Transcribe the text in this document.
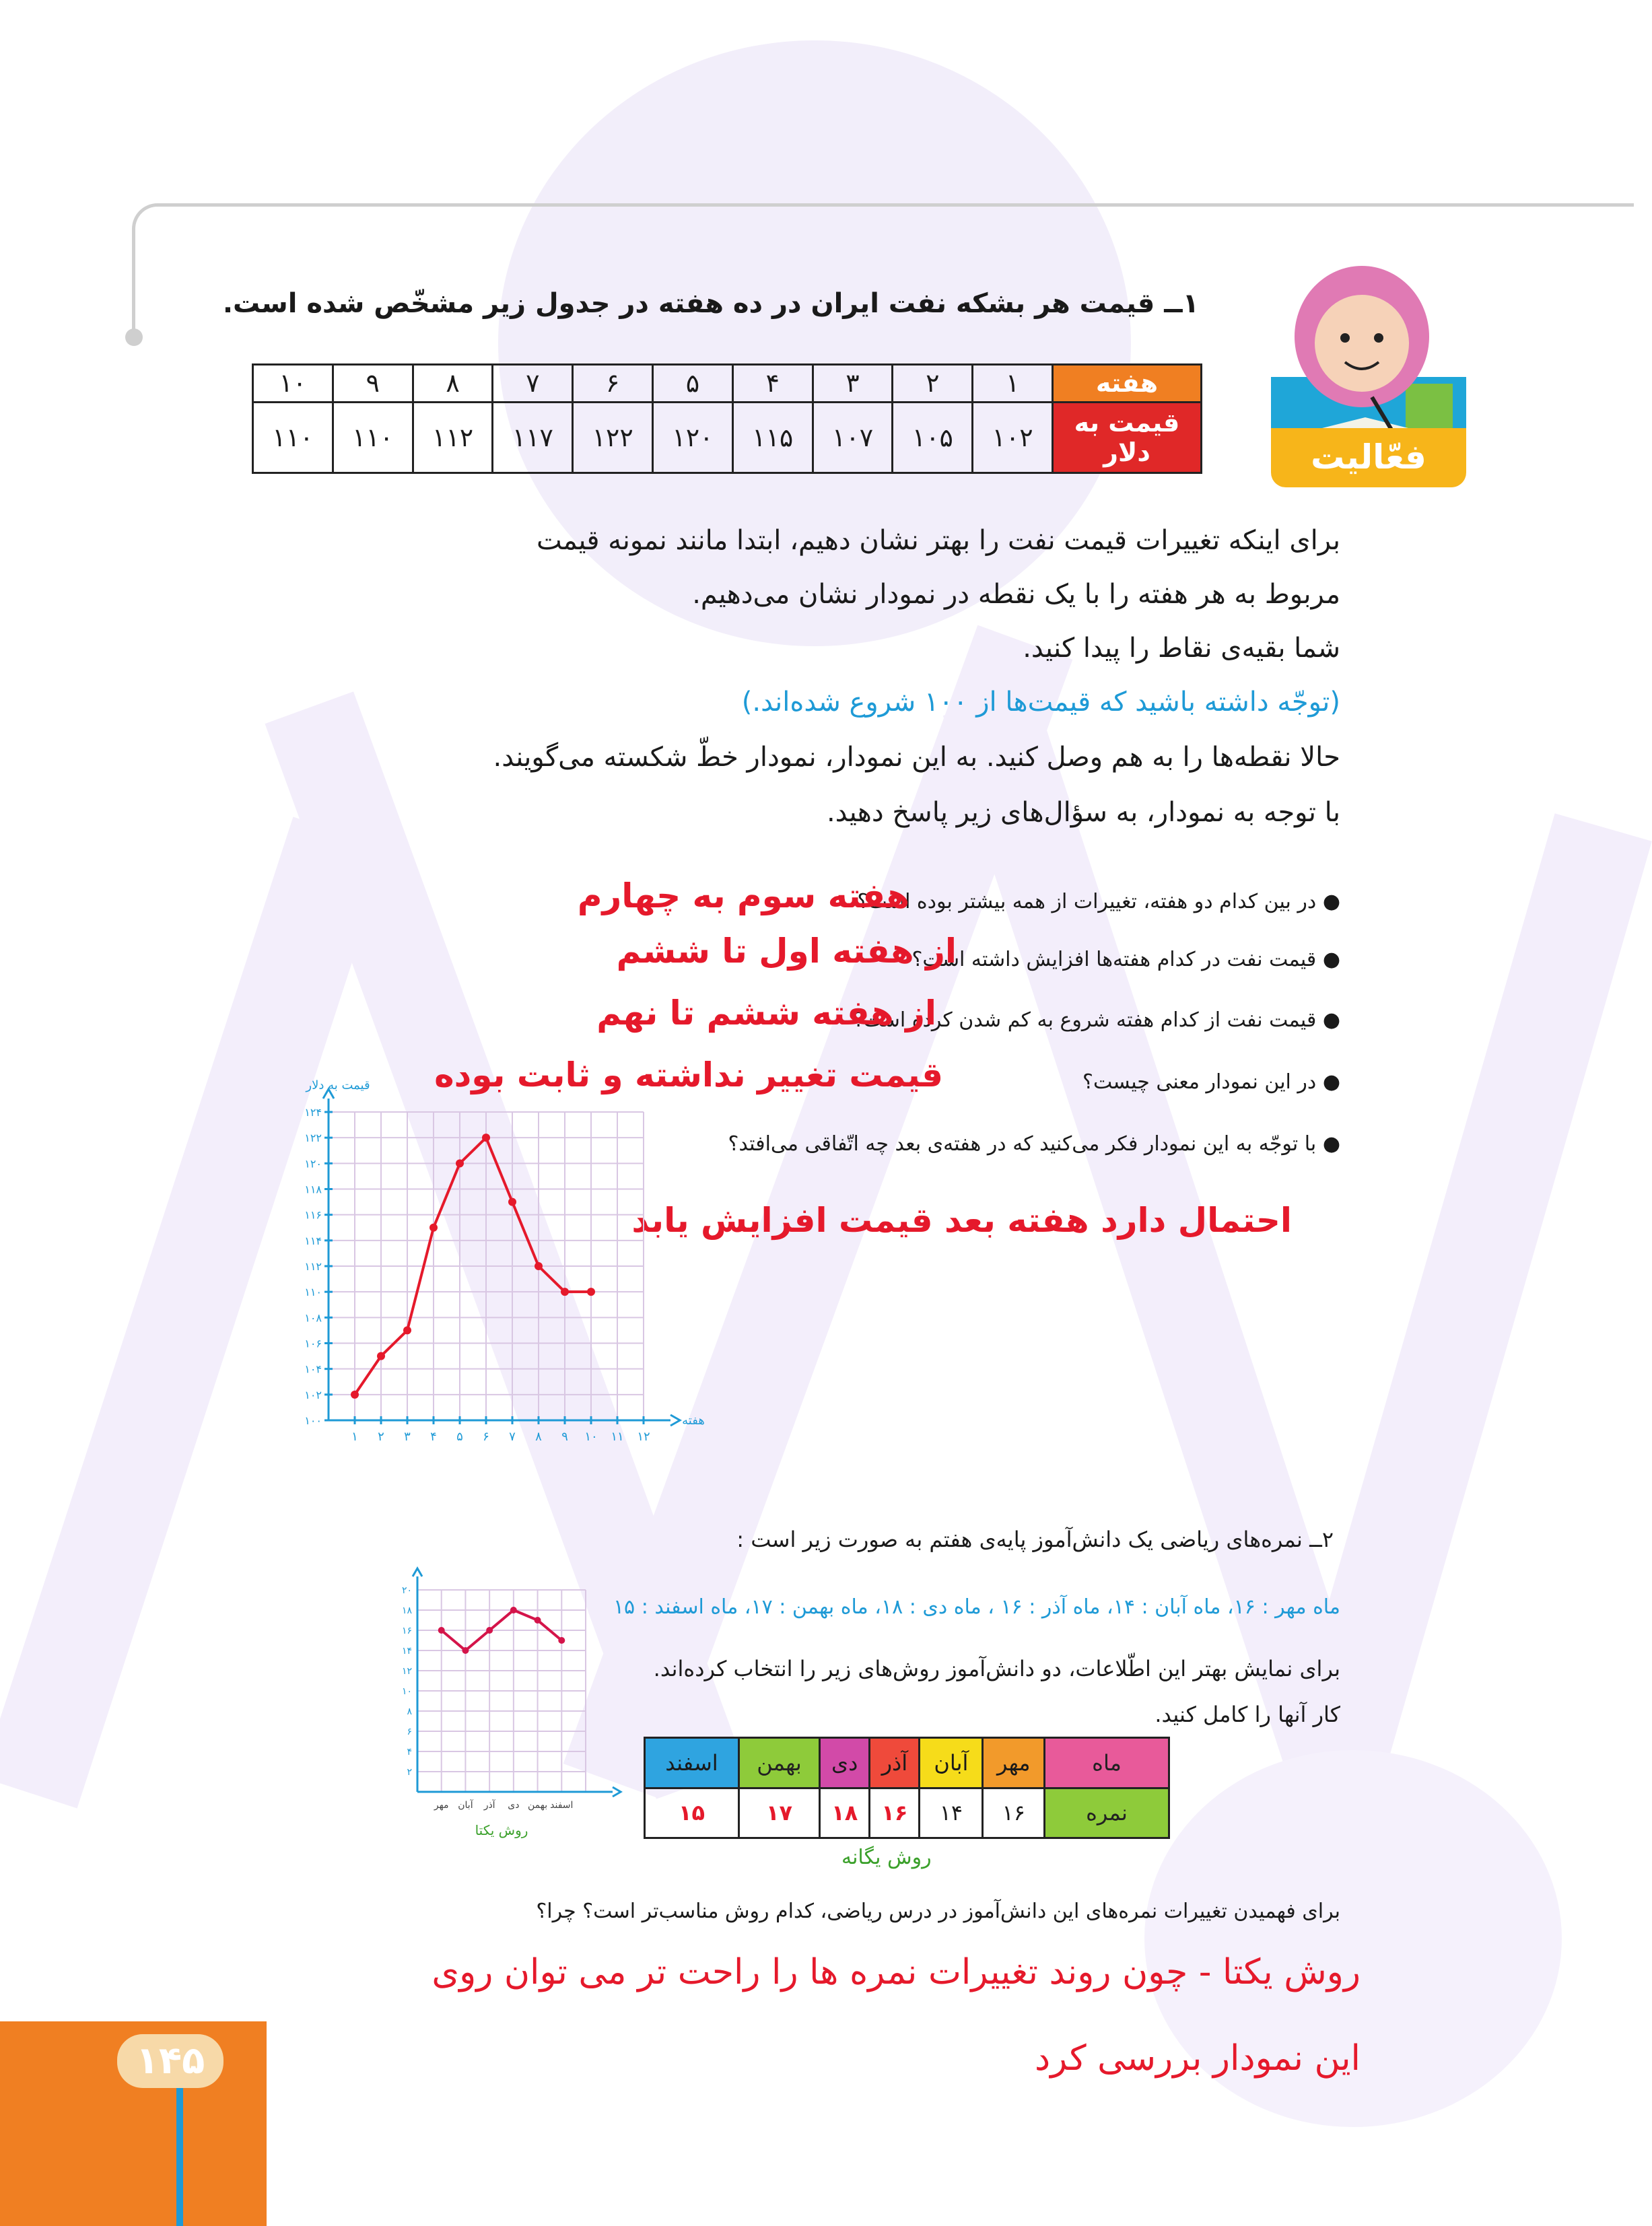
فعّالیت
۱ــ قیمت هر بشکه نفت ایران در ده هفته در جدول زیر مشخّص شده است.
هفته	۱	۲	۳	۴	۵	۶	۷	۸	۹	۱۰
قیمت به دلار	۱۰۲	۱۰۵	۱۰۷	۱۱۵	۱۲۰	۱۲۲	۱۱۷	۱۱۲	۱۱۰	۱۱۰
برای اینکه تغییرات قیمت نفت را بهتر نشان دهیم، ابتدا مانند نمونه قیمت
مربوط به هر هفته را با یک نقطه در نمودار نشان می‌دهیم.
شما بقیه‌ی نقاط را پیدا کنید.
(توجّه داشته باشید که قیمت‌ها از ۱۰۰ شروع شده‌اند.)
حالا نقطه‌ها را به هم وصل کنید. به این نمودار، نمودار خطّ شکسته می‌گویند.
با توجه به نمودار، به سؤال‌های زیر پاسخ دهید.
● در بین کدام دو هفته، تغییرات از همه بیشتر بوده است؟
هفته سوم به چهارم
● قیمت نفت در کدام هفته‌ها افزایش داشته است؟
از هفته اول تا ششم
● قیمت نفت از کدام هفته شروع به کم شدن کرده است؟
از هفته ششم تا نهم
● در این نمودار معنی چیست؟
قیمت تغییر نداشته و ثابت بوده
● با توجّه به این نمودار فکر می‌کنید که در هفته‌ی بعد چه اتّفاقی می‌افتد؟
احتمال دارد هفته بعد قیمت افزایش یابد
۱ ۲ ۳ ۴ ۵ ۶ ۷ ۸ ۹ ۱۰ ۱۱ ۱۲
۱۰۰
۱۰۲
۱۰۴
۱۰۶
۱۰۸
۱۱۰
۱۱۲
۱۱۴
۱۱۶
۱۱۸
۱۲۰
۱۲۲
۱۲۴
قیمت به دلار
هفته
۲ــ نمره‌های ریاضی یک دانش‌آموز پایه‌ی هفتم به صورت زیر است :
ماه مهر : ۱۶، ماه آبان : ۱۴، ماه آذر : ۱۶ ، ماه دی : ۱۸، ماه بهمن : ۱۷، ماه اسفند : ۱۵
برای نمایش بهتر این اطّلاعات، دو دانش‌آموز روش‌های زیر را انتخاب کرده‌اند.
کار آنها را کامل کنید.
۲
۴
۶
۸
۱۰
۱۲
۱۴
۱۶
۱۸
۲۰
مهر آبان آذر دی بهمن اسفند
روش یکتا
ماه	مهر	آبان	آذر	دی	بهمن	اسفند
نمره	۱۶	۱۴	۱۶	۱۸	۱۷	۱۵
روش یگانه
برای فهمیدن تغییرات نمره‌های این دانش‌آموز در درس ریاضی، کدام روش مناسب‌تر است؟ چرا؟
روش یکتا - چون روند تغییرات نمره ها را راحت تر می توان روی
این نمودار بررسی کرد
۱۴۵
